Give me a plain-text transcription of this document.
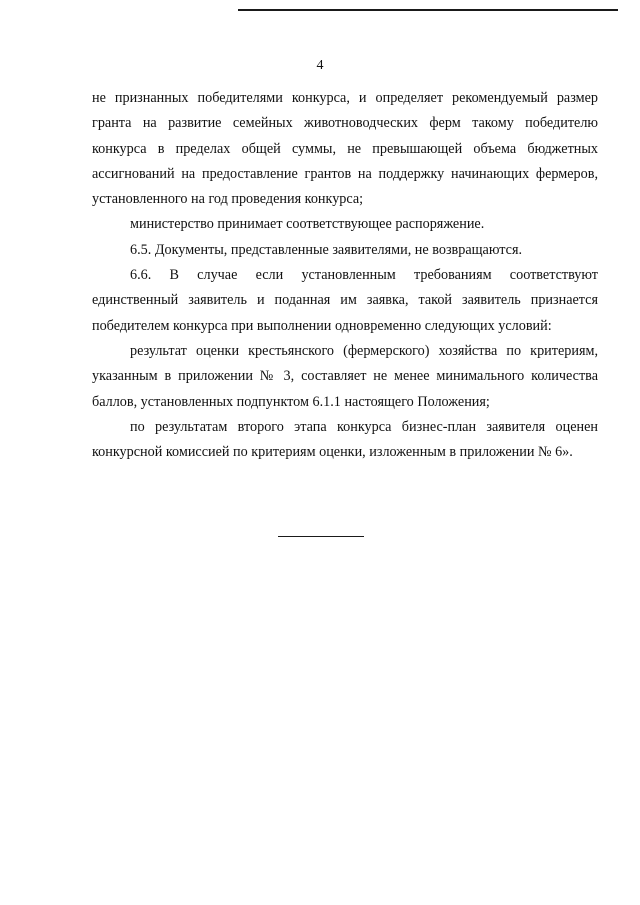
4

не признанных победителями конкурса, и определяет рекомендуемый размер гранта на развитие семейных животноводческих ферм такому победителю конкурса в пределах общей суммы, не превышающей объема бюджетных ассигнований на предоставление грантов на поддержку начинающих фермеров, установленного на год проведения конкурса;

министерство принимает соответствующее распоряжение.

6.5. Документы, представленные заявителями, не возвращаются.

6.6. В случае если установленным требованиям соответствуют единственный заявитель и поданная им заявка, такой заявитель признается победителем конкурса при выполнении одновременно следующих условий:

результат оценки крестьянского (фермерского) хозяйства по критериям, указанным в приложении № 3, составляет не менее минимального количества баллов, установленных подпунктом 6.1.1 настоящего Положения;

по результатам второго этапа конкурса бизнес-план заявителя оценен конкурсной комиссией по критериям оценки, изложенным в приложении № 6».
